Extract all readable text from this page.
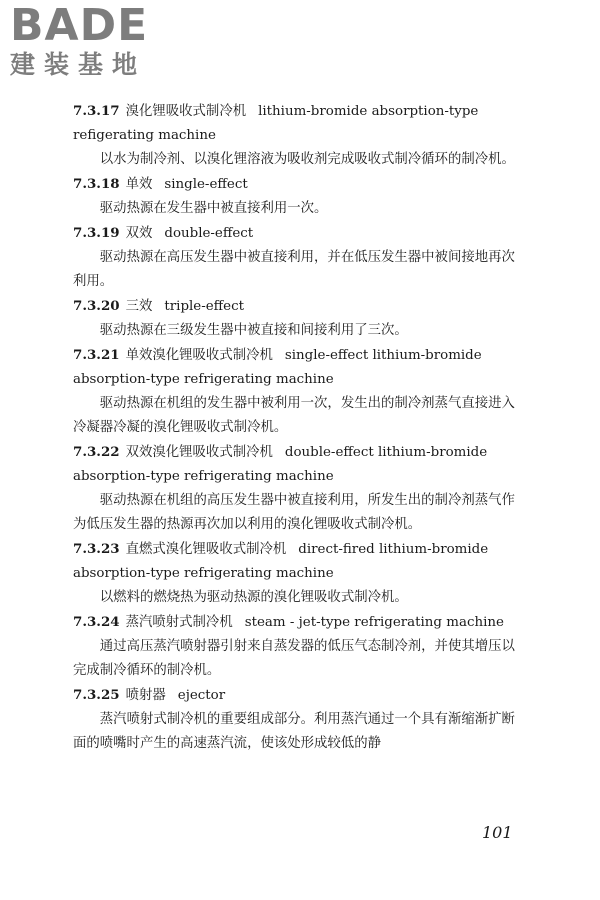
BADE
建装基地

7.3.17 溴化锂吸收式制冷机 lithium-bromide absorption-type refigerating machine

以水为制冷剂、以溴化锂溶液为吸收剂完成吸收式制冷循环的制冷机。

7.3.18 单效 single-effect

驱动热源在发生器中被直接利用一次。

7.3.19 双效 double-effect

驱动热源在高压发生器中被直接利用，并在低压发生器中被间接地再次利用。

7.3.20 三效 triple-effect

驱动热源在三级发生器中被直接和间接利用了三次。

7.3.21 单效溴化锂吸收式制冷机 single-effect lithium-bromide absorption-type refrigerating machine

驱动热源在机组的发生器中被利用一次，发生出的制冷剂蒸气直接进入冷凝器冷凝的溴化锂吸收式制冷机。

7.3.22 双效溴化锂吸收式制冷机 double-effect lithium-bromide absorption-type refrigerating machine

驱动热源在机组的高压发生器中被直接利用，所发生出的制冷剂蒸气作为低压发生器的热源再次加以利用的溴化锂吸收式制冷机。

7.3.23 直燃式溴化锂吸收式制冷机 direct-fired lithium-bromide absorption-type refrigerating machine

以燃料的燃烧热为驱动热源的溴化锂吸收式制冷机。

7.3.24 蒸汽喷射式制冷机 steam - jet-type refrigerating machine

通过高压蒸汽喷射器引射来自蒸发器的低压气态制冷剂，并使其增压以完成制冷循环的制冷机。

7.3.25 喷射器 ejector

蒸汽喷射式制冷机的重要组成部分。利用蒸汽通过一个具有渐缩渐扩断面的喷嘴时产生的高速蒸汽流，使该处形成较低的静

101
